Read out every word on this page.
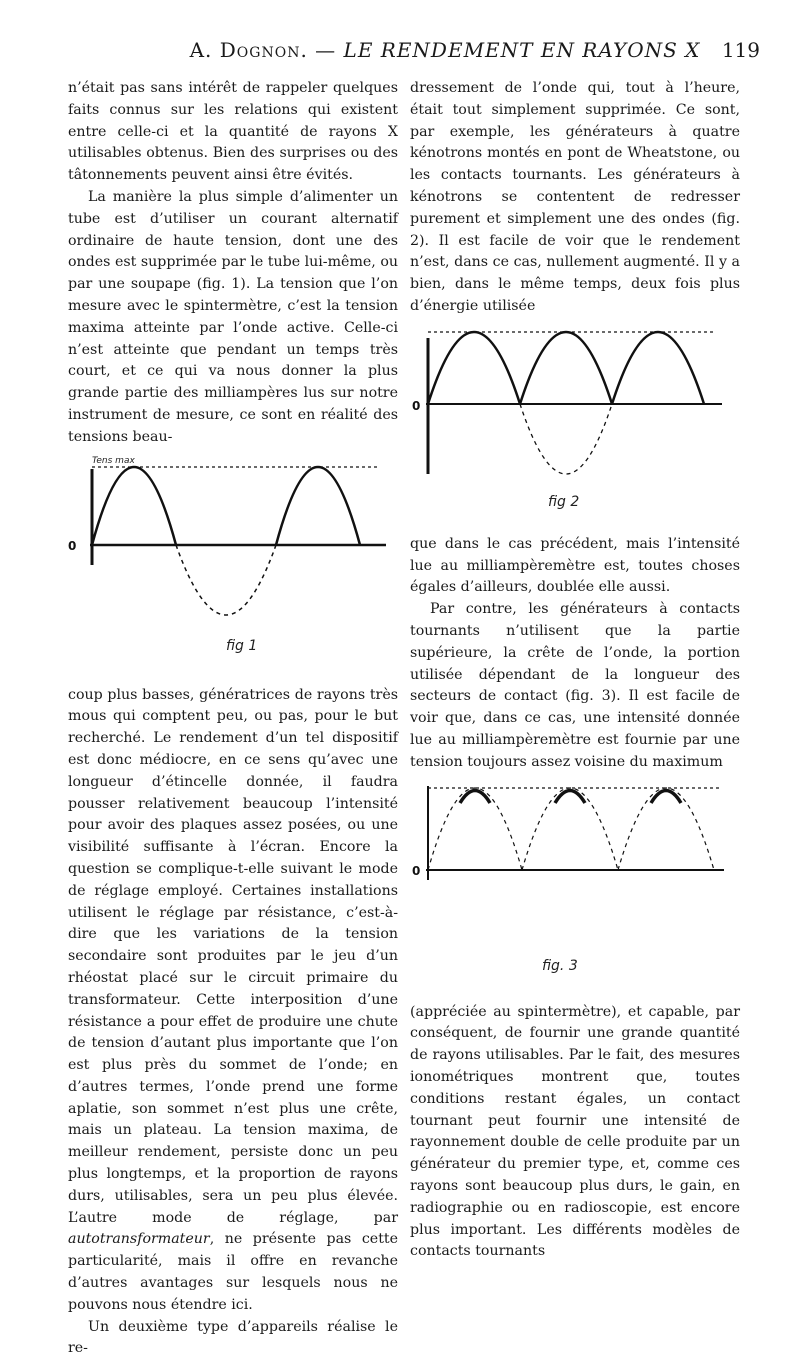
A. Dognon. — LE RENDEMENT EN RAYONS X	119

n’était pas sans intérêt de rappeler quelques faits connus sur les relations qui existent entre celle-ci et la quantité de rayons X utilisables obtenus. Bien des surprises ou des tâtonnements peuvent ainsi être évités.

La manière la plus simple d’alimenter un tube est d’utiliser un courant alternatif ordinaire de haute tension, dont une des ondes est supprimée par le tube lui-même, ou par une soupape (fig. 1). La tension que l’on mesure avec le spintermètre, c’est la tension maxima atteinte par l’onde active. Celle-ci n’est atteinte que pendant un temps très court, et ce qui va nous donner la plus grande partie des milliampères lus sur notre instrument de mesure, ce sont en réalité des tensions beau-

0
Tens max
fig 1

coup plus basses, génératrices de rayons très mous qui comptent peu, ou pas, pour le but recherché. Le rendement d’un tel dispositif est donc médiocre, en ce sens qu’avec une longueur d’étincelle donnée, il faudra pousser relativement beaucoup l’intensité pour avoir des plaques assez posées, ou une visibilité suffisante à l’écran. Encore la question se complique-t-elle suivant le mode de réglage employé. Certaines installations utilisent le réglage par résistance, c’est-à-dire que les variations de la tension secondaire sont produites par le jeu d’un rhéostat placé sur le circuit primaire du transformateur. Cette interposition d’une résistance a pour effet de produire une chute de tension d’autant plus importante que l’on est plus près du sommet de l’onde; en d’autres termes, l’onde prend une forme aplatie, son sommet n’est plus une crête, mais un plateau. La tension maxima, de meilleur rendement, persiste donc un peu plus longtemps, et la proportion de rayons durs, utilisables, sera un peu plus élevée. L’autre mode de réglage, par autotransformateur, ne présente pas cette particularité, mais il offre en revanche d’autres avantages sur lesquels nous ne pouvons nous étendre ici.

Un deuxième type d’appareils réalise le re-

dressement de l’onde qui, tout à l’heure, était tout simplement supprimée. Ce sont, par exemple, les générateurs à quatre kénotrons montés en pont de Wheatstone, ou les contacts tournants. Les générateurs à kénotrons se contentent de redresser purement et simplement une des ondes (fig. 2). Il est facile de voir que le rendement n’est, dans ce cas, nullement augmenté. Il y a bien, dans le même temps, deux fois plus d’énergie utilisée

0
fig 2

que dans le cas précédent, mais l’intensité lue au milliampèremètre est, toutes choses égales d’ailleurs, doublée elle aussi.

Par contre, les générateurs à contacts tournants n’utilisent que la partie supérieure, la crête de l’onde, la portion utilisée dépendant de la longueur des secteurs de contact (fig. 3). Il est facile de voir que, dans ce cas, une intensité donnée lue au milliampèremètre est fournie par une tension toujours assez voisine du maximum

0
fig. 3

(appréciée au spintermètre), et capable, par conséquent, de fournir une grande quantité de rayons utilisables. Par le fait, des mesures ionométriques montrent que, toutes conditions restant égales, un contact tournant peut fournir une intensité de rayonnement double de celle produite par un générateur du premier type, et, comme ces rayons sont beaucoup plus durs, le gain, en radiographie ou en radioscopie, est encore plus important. Les différents modèles de contacts tournants
